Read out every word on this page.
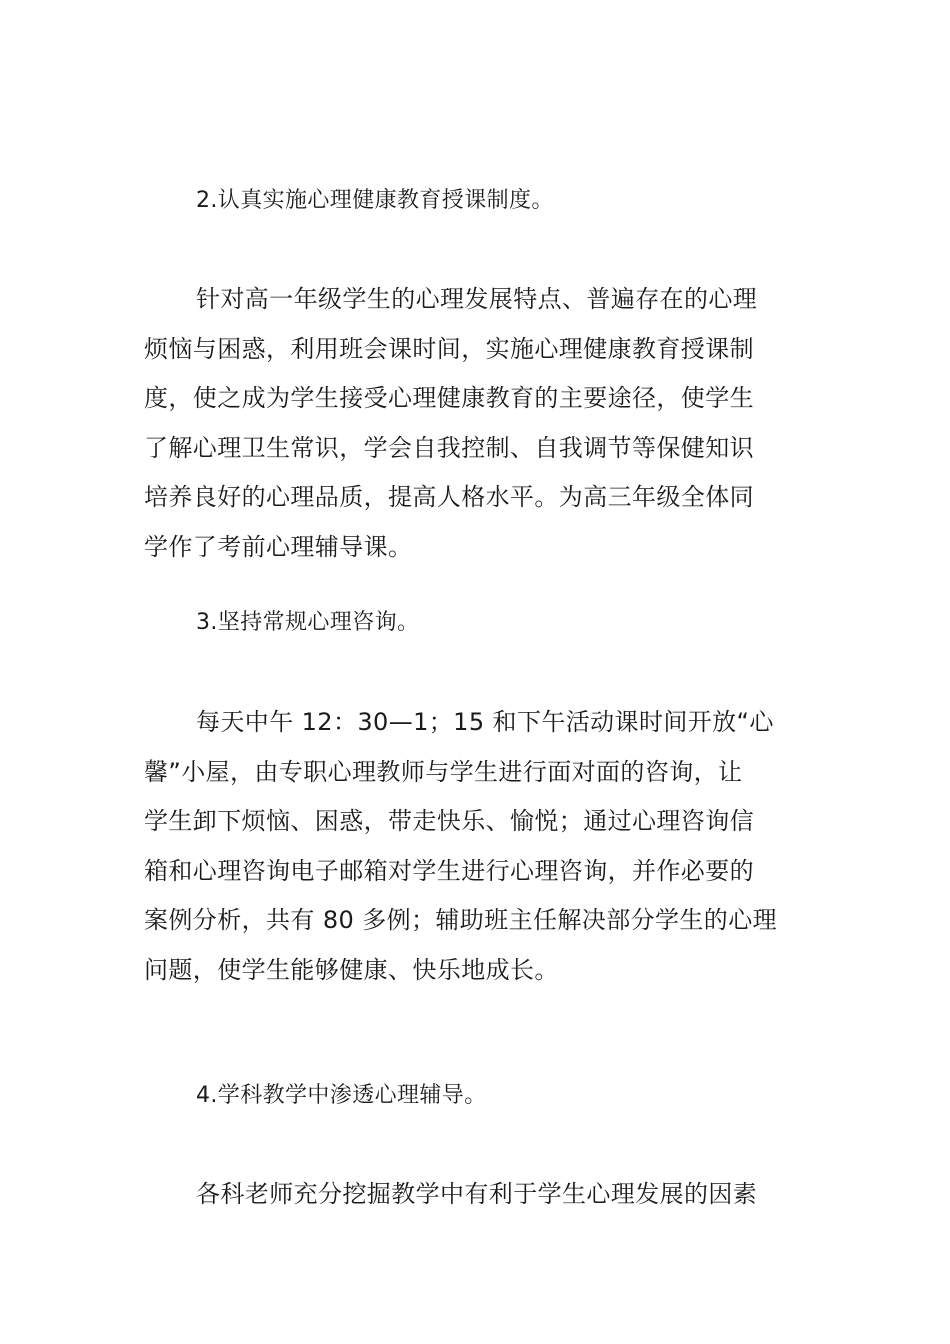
2.认真实施心理健康教育授课制度。

针对高一年级学生的心理发展特点、普遍存在的心理
烦恼与困惑，利用班会课时间，实施心理健康教育授课制
度，使之成为学生接受心理健康教育的主要途径，使学生
了解心理卫生常识，学会自我控制、自我调节等保健知识
培养良好的心理品质，提高人格水平。为高三年级全体同
学作了考前心理辅导课。

3.坚持常规心理咨询。

每天中午 12：30—1；15 和下午活动课时间开放“心
馨”小屋，由专职心理教师与学生进行面对面的咨询，让
学生卸下烦恼、困惑，带走快乐、愉悦；通过心理咨询信
箱和心理咨询电子邮箱对学生进行心理咨询，并作必要的
案例分析，共有 80 多例；辅助班主任解决部分学生的心理
问题，使学生能够健康、快乐地成长。

4.学科教学中渗透心理辅导。

各科老师充分挖掘教学中有利于学生心理发展的因素
